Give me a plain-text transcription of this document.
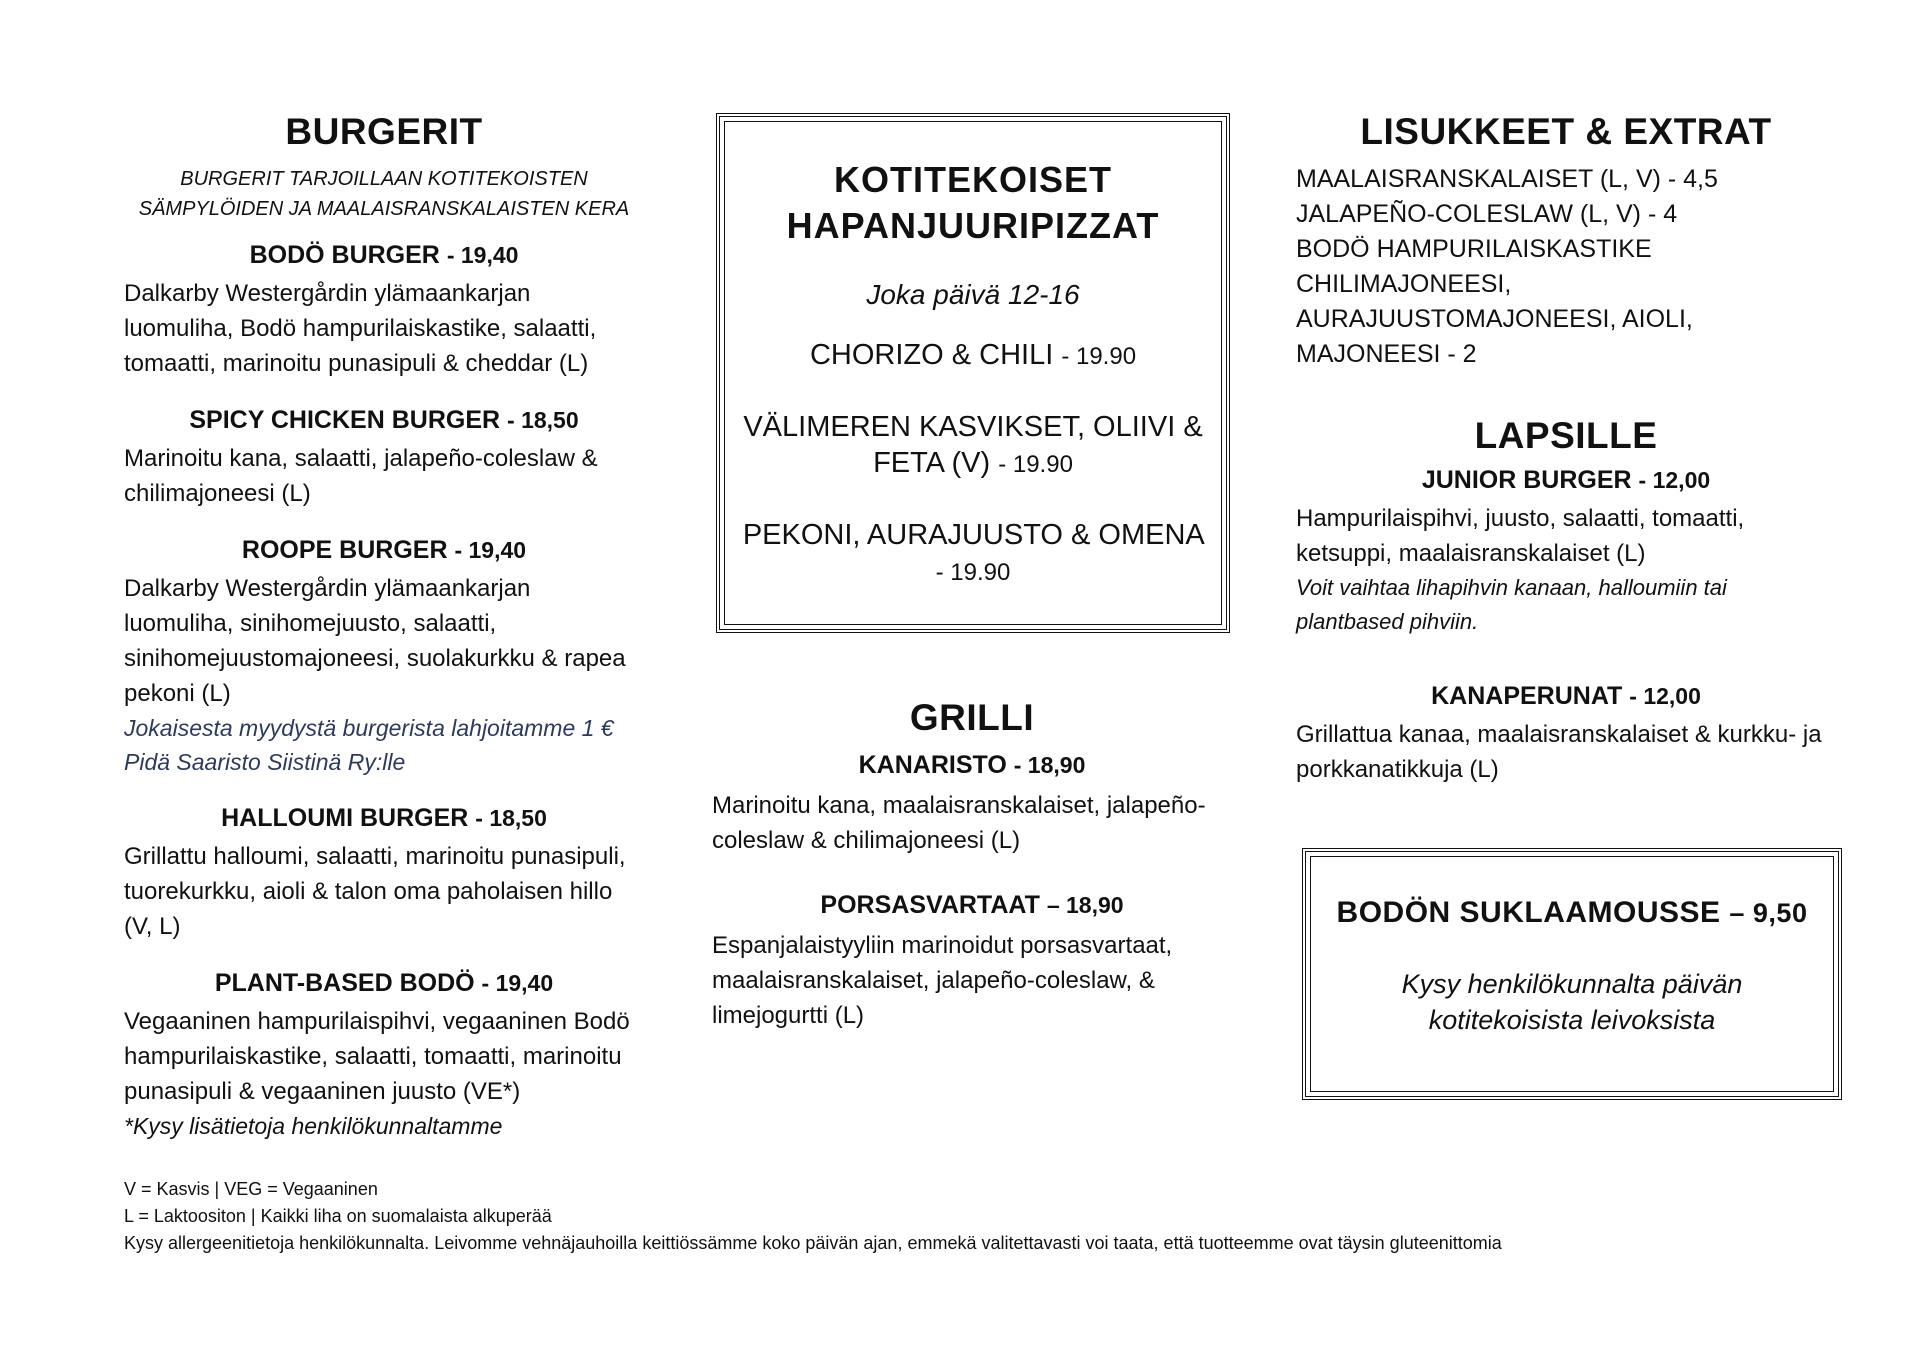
BURGERIT
BURGERIT TARJOILLAAN KOTITEKOISTEN
SÄMPYLÖIDEN JA MAALAISRANSKALAISTEN KERA
BODÖ BURGER - 19,40
Dalkarby Westergårdin ylämaankarjan luomuliha, Bodö hampurilaiskastike, salaatti, tomaatti, marinoitu punasipuli & cheddar (L)
SPICY CHICKEN BURGER - 18,50
Marinoitu kana, salaatti, jalapeño-coleslaw & chilimajoneesi (L)
ROOPE BURGER - 19,40
Dalkarby Westergårdin ylämaankarjan luomuliha, sinihomejuusto, salaatti, sinihomejuustomajoneesi, suolakurkku & rapea pekoni (L)
Jokaisesta myydystä burgerista lahjoitamme 1 € Pidä Saaristo Siistinä Ry:lle
HALLOUMI BURGER - 18,50
Grillattu halloumi, salaatti, marinoitu punasipuli, tuorekurkku, aioli & talon oma paholaisen hillo (V, L)
PLANT-BASED BODÖ - 19,40
Vegaaninen hampurilaispihvi, vegaaninen Bodö hampurilaiskastike, salaatti, tomaatti, marinoitu punasipuli & vegaaninen juusto (VE*)
*Kysy lisätietoja henkilökunnaltamme
KOTITEKOISET
HAPANJUURIPIZZAT
Joka päivä 12-16
CHORIZO & CHILI - 19.90
VÄLIMEREN KASVIKSET, OLIIVI & FETA (V) - 19.90
PEKONI, AURAJUUSTO & OMENA - 19.90
GRILLI
KANARISTO - 18,90
Marinoitu kana, maalaisranskalaiset, jalapeño-coleslaw & chilimajoneesi (L)
PORSASVARTAAT – 18,90
Espanjalaistyyliin marinoidut porsasvartaat, maalaisranskalaiset, jalapeño-coleslaw, & limejogurtti (L)
LISUKKEET & EXTRAT
MAALAISRANSKALAISET (L, V) - 4,5
JALAPEÑO-COLESLAW (L, V) - 4
BODÖ HAMPURILAISKASTIKE
CHILIMAJONEESI,
AURAJUUSTOMAJONEESI, AIOLI,
MAJONEESI - 2
LAPSILLE
JUNIOR BURGER - 12,00
Hampurilaispihvi, juusto, salaatti, tomaatti, ketsuppi, maalaisranskalaiset (L)
Voit vaihtaa lihapihvin kanaan, halloumiin tai plantbased pihviin.
KANAPERUNAT - 12,00
Grillattua kanaa, maalaisranskalaiset & kurkku- ja porkkanatikkuja (L)
BODÖN SUKLAAMOUSSE – 9,50
Kysy henkilökunnalta päivän kotitekoisista leivoksista
V = Kasvis | VEG = Vegaaninen
L = Laktoositon | Kaikki liha on suomalaista alkuperää
Kysy allergeenitietoja henkilökunnalta. Leivomme vehnäjauhoilla keittiössämme koko päivän ajan, emmekä valitettavasti voi taata, että tuotteemme ovat täysin gluteenittomia
